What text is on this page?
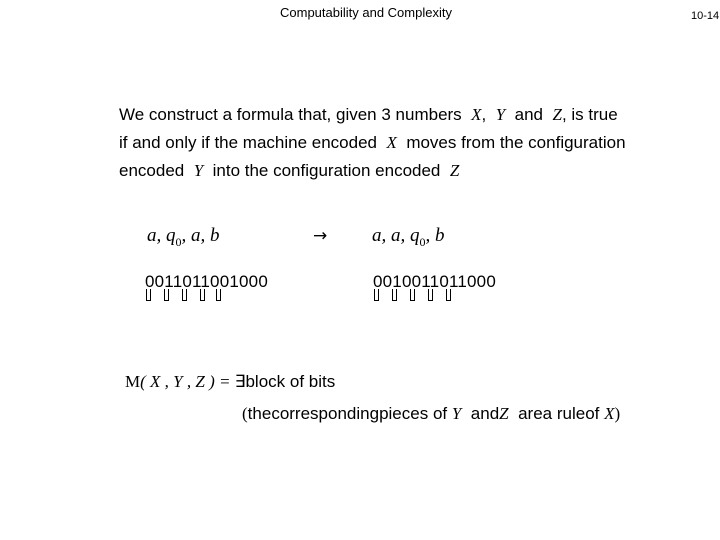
Computability and Complexity	10-14
We construct a formula that, given 3 numbers X, Y and Z, is true
if and only if the machine encoded X moves from the configuration
encoded Y into the configuration encoded Z
a, $q_0$, a, b	→ a, a, $q_0$, b
0011011001000	0010011011000
M( X , Y , Z ) = ∃block of bits
(thecorrespondingpieces of Y andZ area ruleof X)
